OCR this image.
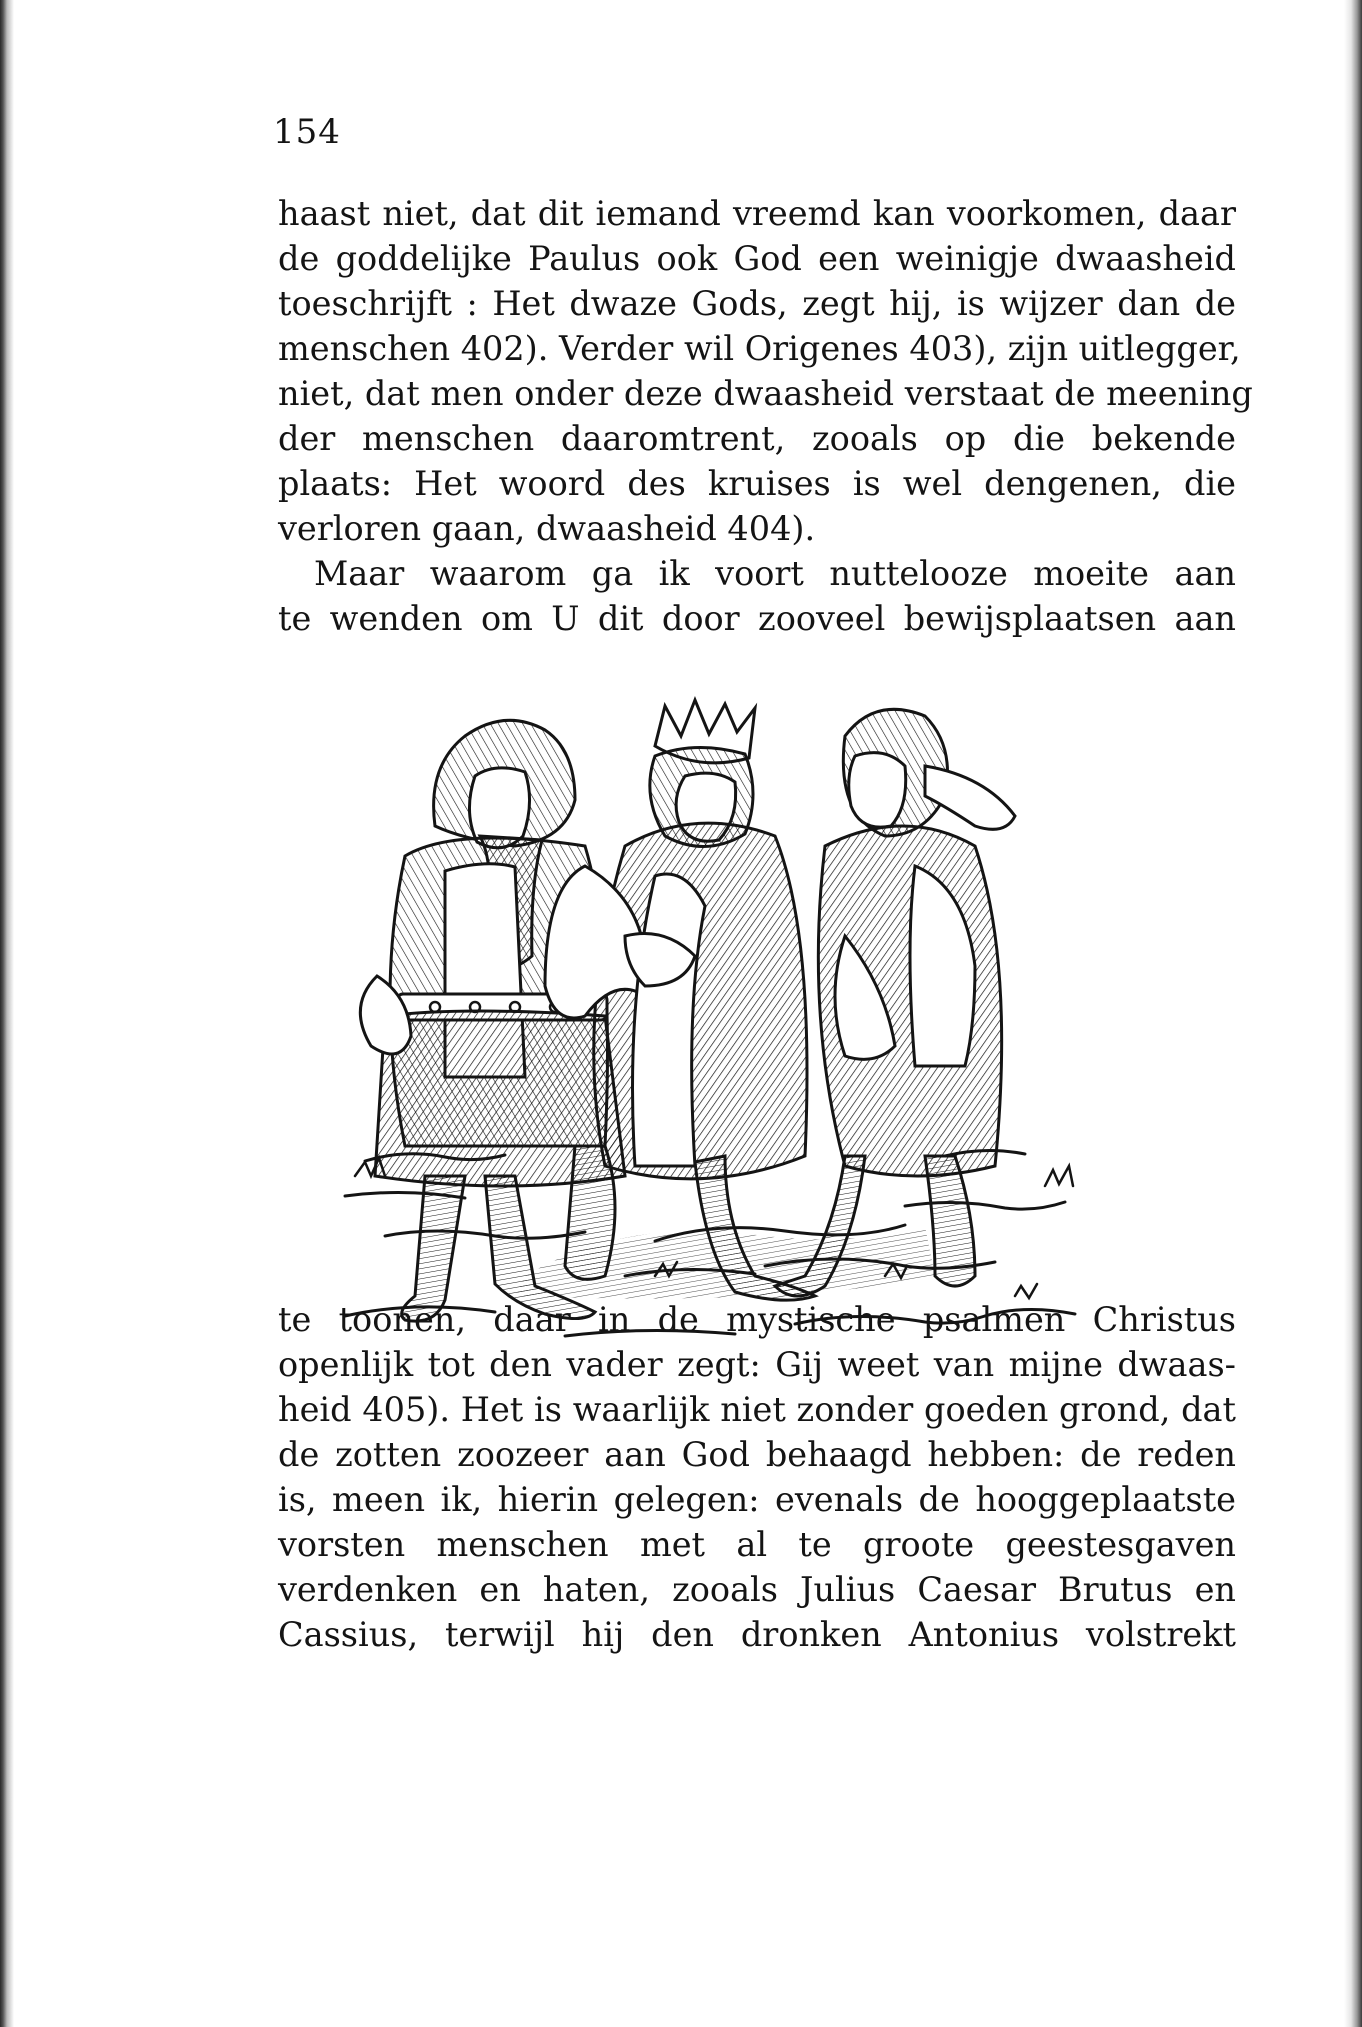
154
haast niet, dat dit iemand vreemd kan voorkomen, daar
de goddelijke Paulus ook God een weinigje dwaasheid
toeschrijft : Het dwaze Gods, zegt hij, is wijzer dan de
menschen 402). Verder wil Origenes 403), zijn uitlegger,
niet, dat men onder deze dwaasheid verstaat de meening
der menschen daaromtrent, zooals op die bekende
plaats: Het woord des kruises is wel dengenen, die
verloren gaan, dwaasheid 404).
Maar waarom ga ik voort nuttelooze moeite aan
te wenden om U dit door zooveel bewijsplaatsen aan
te toonen, daar in de mystische psalmen Christus
openlijk tot den vader zegt: Gij weet van mijne dwaas-
heid 405). Het is waarlijk niet zonder goeden grond, dat
de zotten zoozeer aan God behaagd hebben: de reden
is, meen ik, hierin gelegen: evenals de hooggeplaatste
vorsten menschen met al te groote geestesgaven
verdenken en haten, zooals Julius Caesar Brutus en
Cassius, terwijl hij den dronken Antonius volstrekt
